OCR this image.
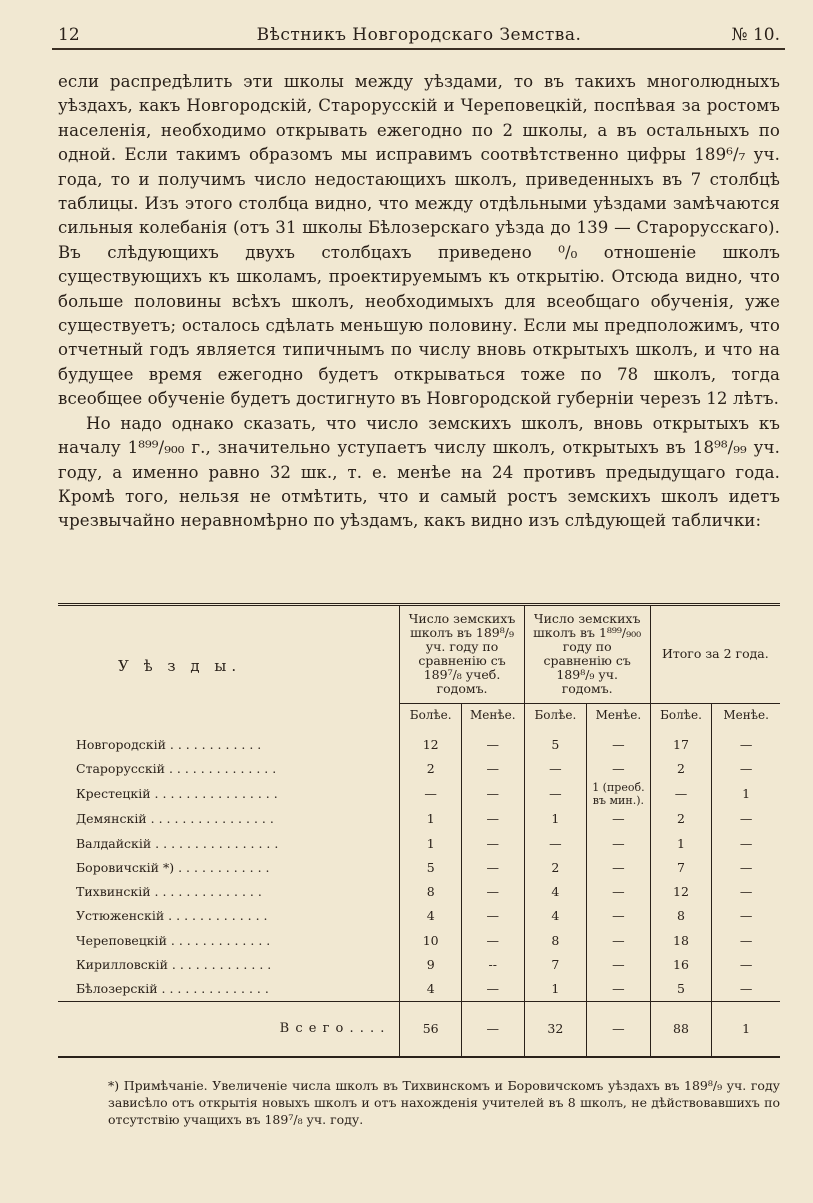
12	Вѣстникъ Новгородскаго Земства.	№ 10.

если распредѣлить эти школы между уѣздами, то въ такихъ многолюдныхъ уѣздахъ, какъ Новгородскій, Старорусскій и Череповецкій, поспѣвая за ростомъ населенія, необходимо открывать ежегодно по 2 школы, а въ остальныхъ по одной. Если такимъ образомъ мы исправимъ соотвѣтственно цифры 189⁶/₇ уч. года, то и получимъ число недостающихъ школъ, приведенныхъ въ 7 столбцѣ таблицы. Изъ этого столбца видно, что между отдѣльными уѣздами замѣчаются сильныя колебанія (отъ 31 школы Бѣлозерскаго уѣзда до 139 — Старорусскаго). Въ слѣдующихъ двухъ столбцахъ приведено ⁰/₀ отношеніе школъ существующихъ къ школамъ, проектируемымъ къ открытію. Отсюда видно, что больше половины всѣхъ школъ, необходимыхъ для всеобщаго обученія, уже существуетъ; осталось сдѣлать меньшую половину. Если мы предположимъ, что отчетный годъ является типичнымъ по числу вновь открытыхъ школъ, и что на будущее время ежегодно будетъ открываться тоже по 78 школъ, тогда всеобщее обученіе будетъ достигнуто въ Новгородской губерніи черезъ 12 лѣтъ.

Но надо однако сказать, что число земскихъ школъ, вновь открытыхъ къ началу 1⁸⁹⁹/₉₀₀ г., значительно уступаетъ числу школъ, открытыхъ въ 18⁹⁸/₉₉ уч. году, а именно равно 32 шк., т. е. менѣе на 24 противъ предыдущаго года. Кромѣ того, нельзя не отмѣтить, что и самый ростъ земскихъ школъ идетъ чрезвычайно неравномѣрно по уѣздамъ, какъ видно изъ слѣдующей таблички:

У ѣ з д ы.	Число земскихъ школъ въ 189⁸/₉ уч. году по сравненію съ 189⁷/₈ учеб. годомъ.		Число земскихъ школъ въ 1⁸⁹⁹/₉₀₀ году по сравненію съ 189⁸/₉ уч. годомъ.		Итого за 2 года.	
	Болѣе.	Менѣе.	Болѣе.	Менѣе.	Болѣе.	Менѣе.
Новгородскій . . . . . . . . . . . .	12	—	5	—	17	—
Старорусскій . . . . . . . . . . . . . .	2	—	—	—	2	—
Крестецкій . . . . . . . . . . . . . . . .	—	—	—	1 (преоб. въ мин.).	—	1
Демянскій . . . . . . . . . . . . . . . .	1	—	1	—	2	—
Валдайскій . . . . . . . . . . . . . . . .	1	—	—	—	1	—
Боровичскій *) . . . . . . . . . . . .	5	—	2	—	7	—
Тихвинскій . . . . . . . . . . . . . .	8	—	4	—	12	—
Устюженскій . . . . . . . . . . . . .	4	—	4	—	8	—
Череповецкій . . . . . . . . . . . . .	10	—	8	—	18	—
Кирилловскій . . . . . . . . . . . . .	9	--	7	—	16	—
Бѣлозерскій . . . . . . . . . . . . . .	4	—	1	—	5	—
В с е г о . . . .	56	—	32	—	88	1
*) Примѣчаніе. Увеличеніе числа школъ въ Тихвинскомъ и Боровичскомъ уѣздахъ въ 189⁸/₉ уч. году зависѣло отъ открытія новыхъ школъ и отъ нахожденія учителей въ 8 школъ, не дѣйствовавшихъ по отсутствію учащихъ въ 189⁷/₈ уч. году.
